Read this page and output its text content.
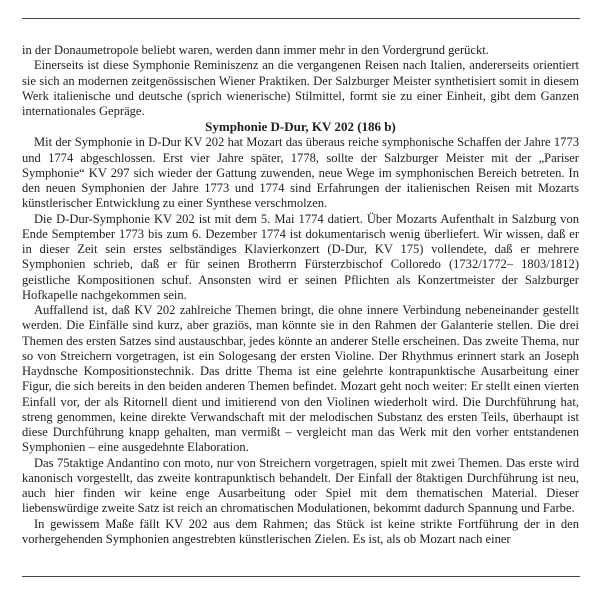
in der Donaumetropole beliebt waren, werden dann immer mehr in den Vordergrund gerückt.

Einerseits ist diese Symphonie Reminiszenz an die vergangenen Reisen nach Italien, andererseits orientiert sie sich an modernen zeitgenössischen Wiener Praktiken. Der Salzburger Meister synthetisiert somit in diesem Werk italienische und deutsche (sprich wienerische) Stilmittel, formt sie zu einer Einheit, gibt dem Ganzen internationales Gepräge.

Symphonie D-Dur, KV 202 (186 b)

Mit der Symphonie in D-Dur KV 202 hat Mozart das überaus reiche symphonische Schaffen der Jahre 1773 und 1774 abgeschlossen. Erst vier Jahre später, 1778, sollte der Salzburger Meister mit der „Pariser Symphonie“ KV 297 sich wieder der Gattung zuwenden, neue Wege im symphonischen Bereich betreten. In den neuen Symphonien der Jahre 1773 und 1774 sind Erfahrungen der italienischen Reisen mit Mozarts künstlerischer Entwicklung zu einer Synthese verschmolzen.

Die D-Dur-Symphonie KV 202 ist mit dem 5. Mai 1774 datiert. Über Mozarts Aufenthalt in Salzburg von Ende Semptember 1773 bis zum 6. Dezember 1774 ist dokumentarisch wenig überliefert. Wir wissen, daß er in dieser Zeit sein erstes selbständiges Klavierkonzert (D-Dur, KV 175) vollendete, daß er mehrere Symphonien schrieb, daß er für seinen Brotherrn Fürsterzbischof Colloredo (1732/1772– 1803/1812) geistliche Kompositionen schuf. Ansonsten wird er seinen Pflichten als Konzertmeister der Salzburger Hofkapelle nachgekommen sein.

Auffallend ist, daß KV 202 zahlreiche Themen bringt, die ohne innere Verbindung nebeneinander gestellt werden. Die Einfälle sind kurz, aber graziös, man könnte sie in den Rahmen der Galanterie stellen. Die drei Themen des ersten Satzes sind austauschbar, jedes könnte an anderer Stelle erscheinen. Das zweite Thema, nur so von Streichern vorgetragen, ist ein Sologesang der ersten Violine. Der Rhythmus erinnert stark an Joseph Haydnsche Kompositionstechnik. Das dritte Thema ist eine gelehrte kontrapunktische Ausarbeitung einer Figur, die sich bereits in den beiden anderen Themen befindet. Mozart geht noch weiter: Er stellt einen vierten Einfall vor, der als Ritornell dient und imitierend von den Violinen wiederholt wird. Die Durchführung hat, streng genommen, keine direkte Verwandschaft mit der melodischen Substanz des ersten Teils, überhaupt ist diese Durchführung knapp gehalten, man vermißt – vergleicht man das Werk mit den vorher entstandenen Symphonien – eine ausgedehnte Elaboration.

Das 75taktige Andantino con moto, nur von Streichern vorgetragen, spielt mit zwei Themen. Das erste wird kanonisch vorgestellt, das zweite kontrapunktisch behandelt. Der Einfall der 8taktigen Durchführung ist neu, auch hier finden wir keine enge Ausarbeitung oder Spiel mit dem thematischen Material. Dieser liebenswürdige zweite Satz ist reich an chromatischen Modulationen, bekommt dadurch Spannung und Farbe.

In gewissem Maße fällt KV 202 aus dem Rahmen; das Stück ist keine strikte Fortführung der in den vorhergehenden Symphonien angestrebten künstlerischen Zielen. Es ist, als ob Mozart nach einer
